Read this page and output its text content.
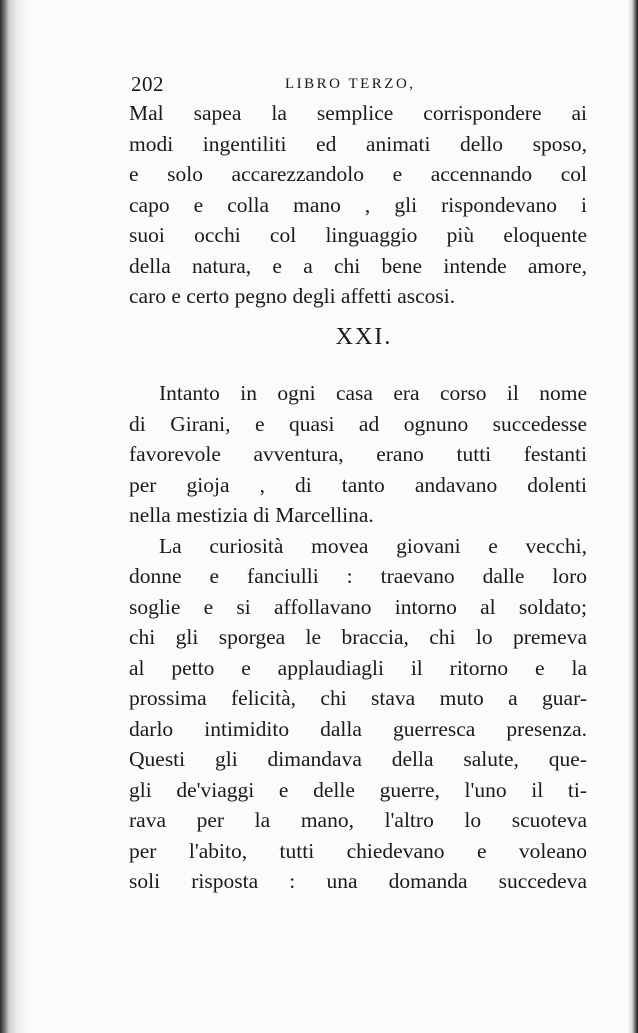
202	LIBRO TERZO,
Mal sapea la semplice corrispondere ai
modi ingentiliti ed animati dello sposo,
e solo accarezzandolo e accennando col
capo e colla mano , gli rispondevano i
suoi occhi col linguaggio più eloquente
della natura, e a chi bene intende amore,
caro e certo pegno degli affetti ascosi.
XXI.
Intanto in ogni casa era corso il nome
di Girani, e quasi ad ognuno succedesse
favorevole avventura, erano tutti festanti
per gioja , di tanto andavano dolenti
nella mestizia di Marcellina.
La curiosità movea giovani e vecchi,
donne e fanciulli : traevano dalle loro
soglie e si affollavano intorno al soldato;
chi gli sporgea le braccia, chi lo premeva
al petto e applaudiagli il ritorno e la
prossima felicità, chi stava muto a guar-
darlo intimidito dalla guerresca presenza.
Questi gli dimandava della salute, que-
gli de'viaggi e delle guerre, l'uno il ti-
rava per la mano, l'altro lo scuoteva
per l'abito, tutti chiedevano e voleano
soli risposta : una domanda succedeva
